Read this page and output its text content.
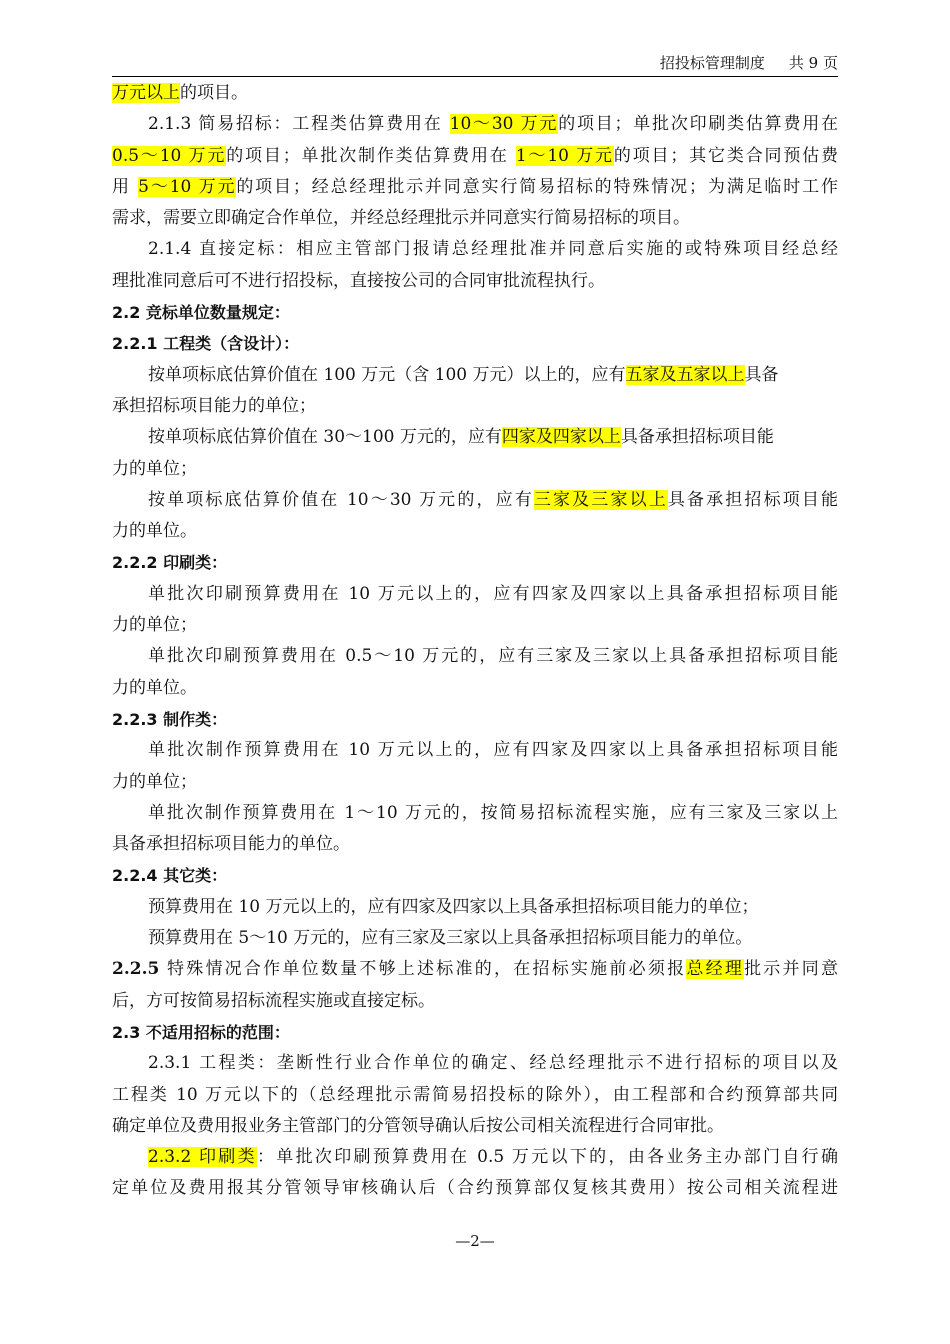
招投标管理制度 共 9 页
万元以上的项目。
2.1.3 简易招标：工程类估算费用在 10～30 万元的项目；单批次印刷类估算费用在
0.5～10 万元的项目；单批次制作类估算费用在 1～10 万元的项目；其它类合同预估费
用 5～10 万元的项目；经总经理批示并同意实行简易招标的特殊情况；为满足临时工作
需求，需要立即确定合作单位，并经总经理批示并同意实行简易招标的项目。
2.1.4 直接定标：相应主管部门报请总经理批准并同意后实施的或特殊项目经总经
理批准同意后可不进行招投标，直接按公司的合同审批流程执行。
2.2 竞标单位数量规定：
2.2.1 工程类（含设计）：
按单项标底估算价值在 100 万元（含 100 万元）以上的，应有五家及五家以上具备
承担招标项目能力的单位；
按单项标底估算价值在 30～100 万元的，应有四家及四家以上具备承担招标项目能
力的单位；
按单项标底估算价值在 10～30 万元的，应有三家及三家以上具备承担招标项目能
力的单位。
2.2.2 印刷类：
单批次印刷预算费用在 10 万元以上的，应有四家及四家以上具备承担招标项目能
力的单位；
单批次印刷预算费用在 0.5～10 万元的，应有三家及三家以上具备承担招标项目能
力的单位。
2.2.3 制作类：
单批次制作预算费用在 10 万元以上的，应有四家及四家以上具备承担招标项目能
力的单位；
单批次制作预算费用在 1～10 万元的，按简易招标流程实施，应有三家及三家以上
具备承担招标项目能力的单位。
2.2.4 其它类：
预算费用在 10 万元以上的，应有四家及四家以上具备承担招标项目能力的单位；
预算费用在 5～10 万元的，应有三家及三家以上具备承担招标项目能力的单位。
2.2.5 特殊情况合作单位数量不够上述标准的，在招标实施前必须报总经理批示并同意
后，方可按简易招标流程实施或直接定标。
2.3 不适用招标的范围：
2.3.1 工程类：垄断性行业合作单位的确定、经总经理批示不进行招标的项目以及
工程类 10 万元以下的（总经理批示需简易招投标的除外），由工程部和合约预算部共同
确定单位及费用报业务主管部门的分管领导确认后按公司相关流程进行合同审批。
2.3.2 印刷类：单批次印刷预算费用在 0.5 万元以下的，由各业务主办部门自行确
定单位及费用报其分管领导审核确认后（合约预算部仅复核其费用）按公司相关流程进
—2—
